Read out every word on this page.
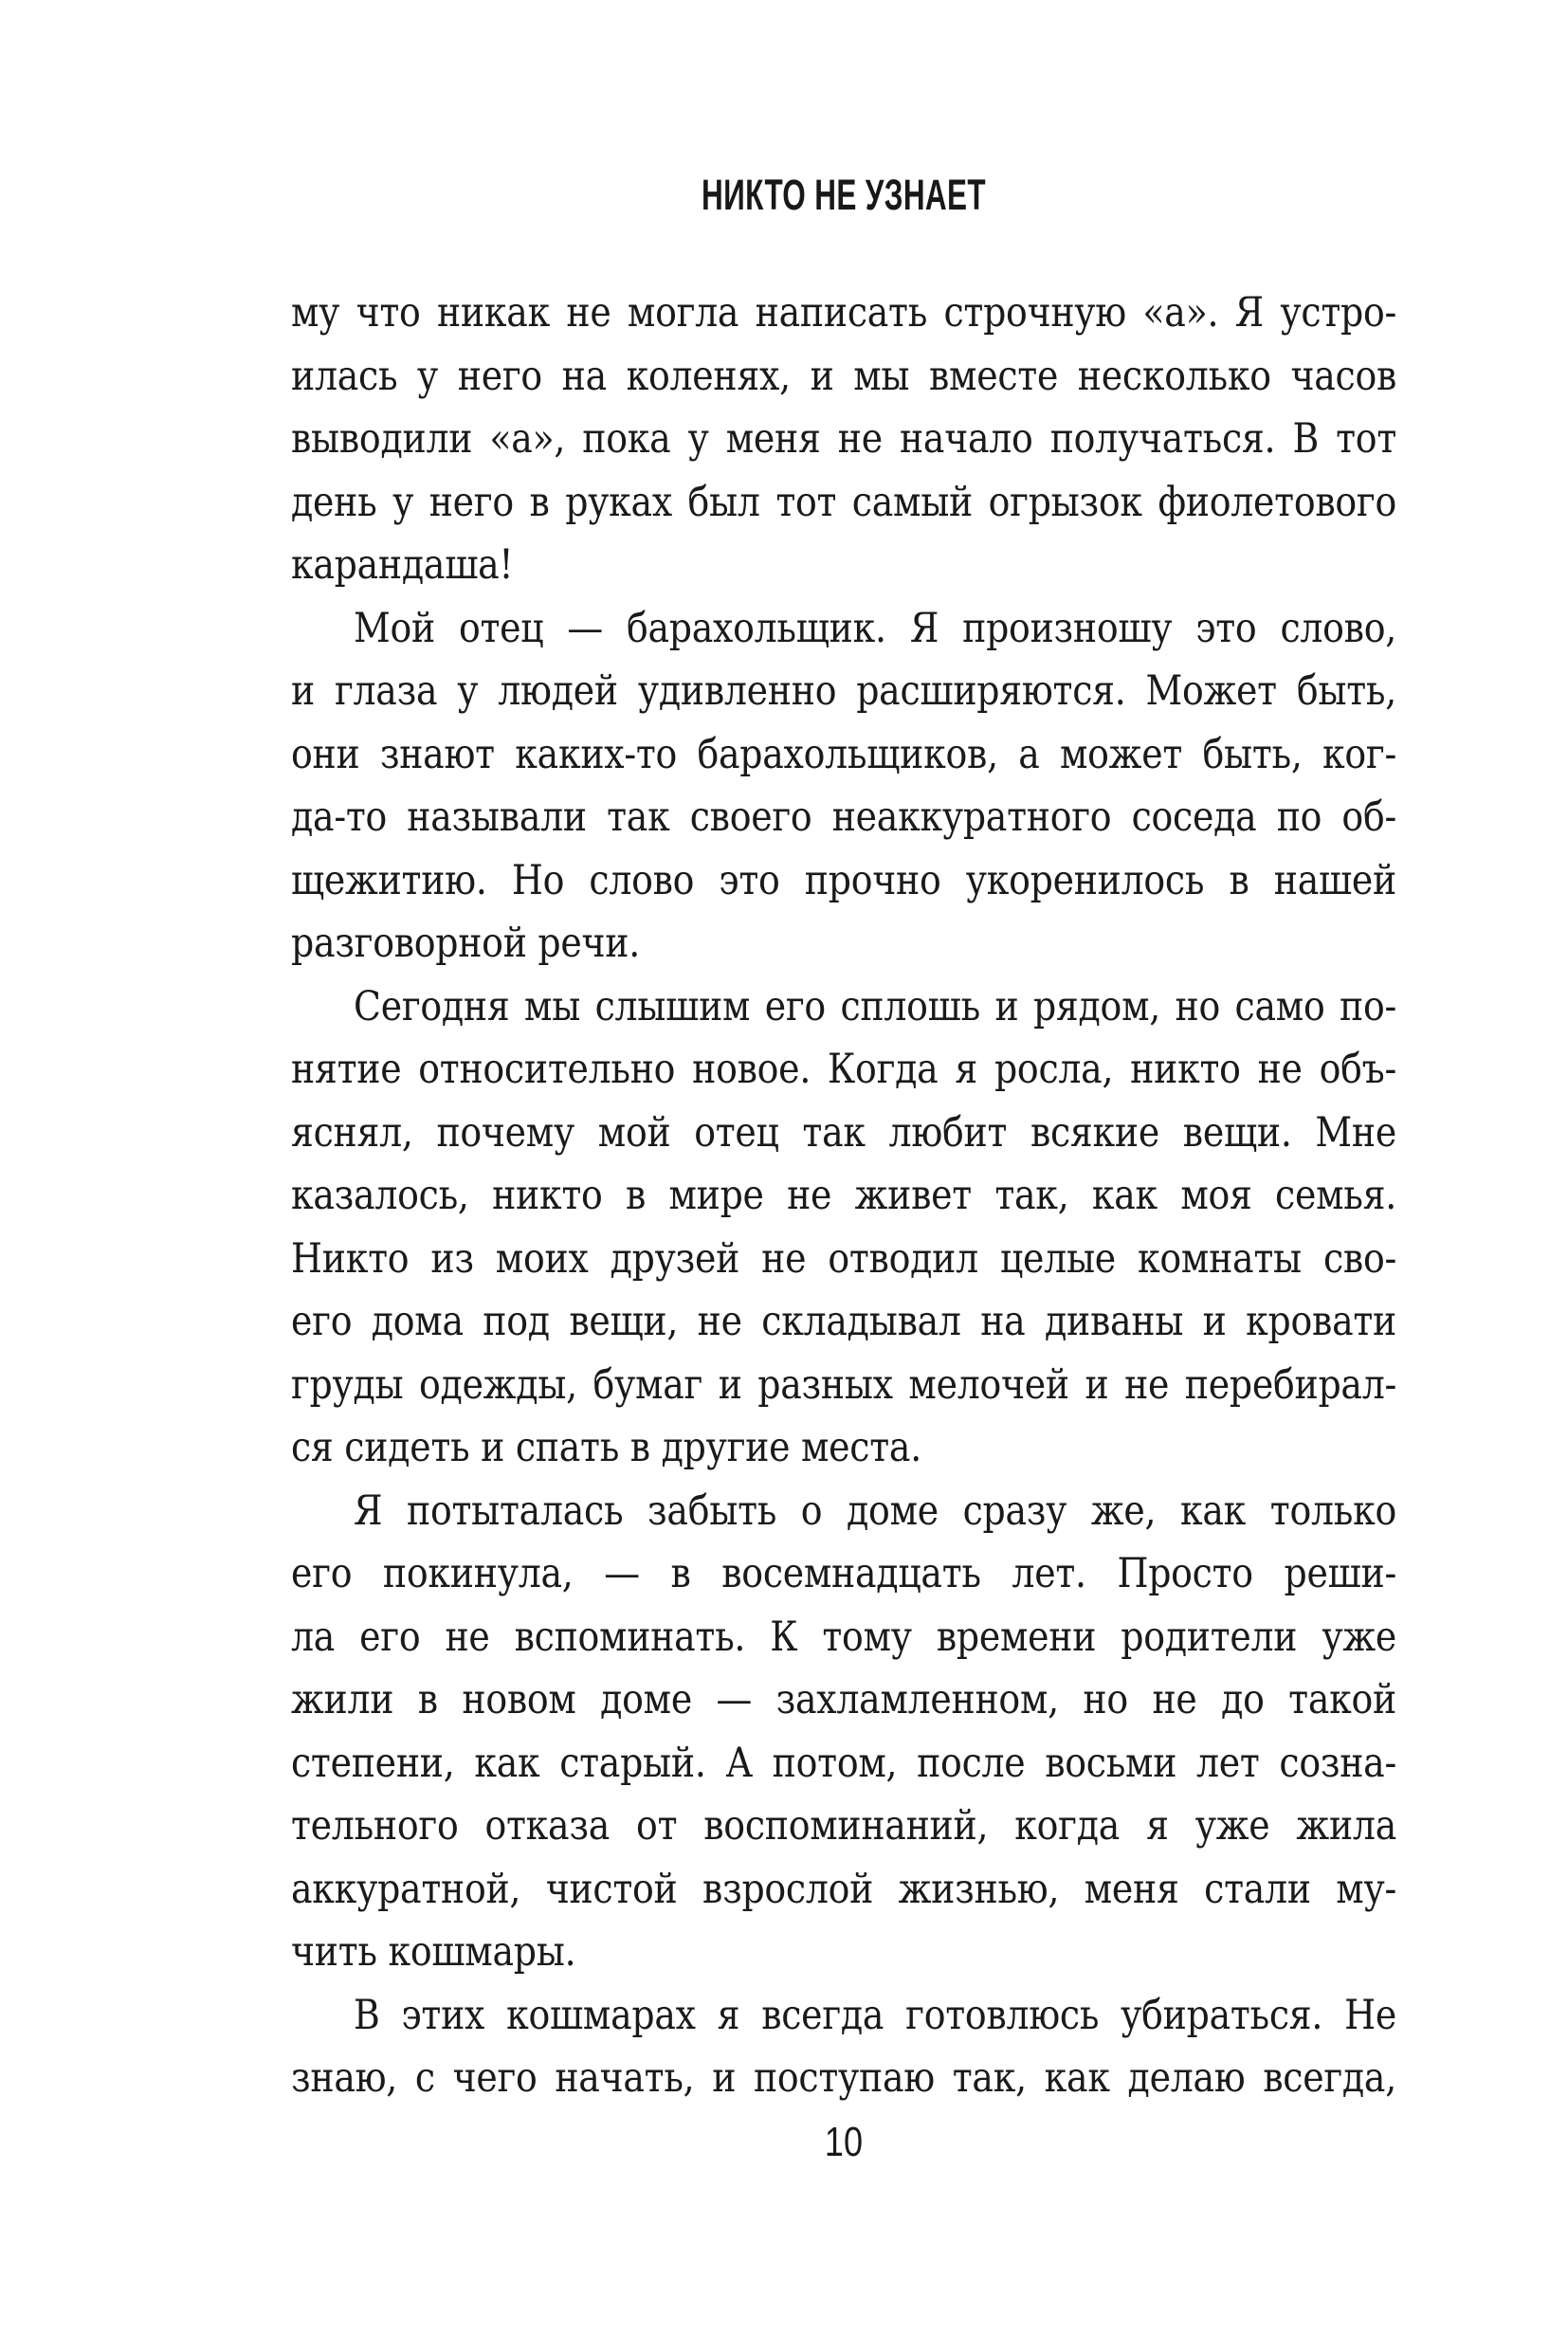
НИКТО НЕ УЗНАЕТ
му что никак не могла написать строчную «а». Я устро-
илась у него на коленях, и мы вместе несколько часов
выводили «а», пока у меня не начало получаться. В тот
день у него в руках был тот самый огрызок фиолетового
карандаша!
Мой отец — барахольщик. Я произношу это слово,
и глаза у людей удивленно расширяются. Может быть,
они знают каких-то барахольщиков, а может быть, ког-
да-то называли так своего неаккуратного соседа по об-
щежитию. Но слово это прочно укоренилось в нашей
разговорной речи.
Сегодня мы слышим его сплошь и рядом, но само по-
нятие относительно новое. Когда я росла, никто не объ-
яснял, почему мой отец так любит всякие вещи. Мне
казалось, никто в мире не живет так, как моя семья.
Никто из моих друзей не отводил целые комнаты сво-
его дома под вещи, не складывал на диваны и кровати
груды одежды, бумаг и разных мелочей и не перебирал-
ся сидеть и спать в другие места.
Я потыталась забыть о доме сразу же, как только
его покинула, — в восемнадцать лет. Просто реши-
ла его не вспоминать. К тому времени родители уже
жили в новом доме — захламленном, но не до такой
степени, как старый. А потом, после восьми лет созна-
тельного отказа от воспоминаний, когда я уже жила
аккуратной, чистой взрослой жизнью, меня стали му-
чить кошмары.
В этих кошмарах я всегда готовлюсь убираться. Не
знаю, с чего начать, и поступаю так, как делаю всегда,
10
